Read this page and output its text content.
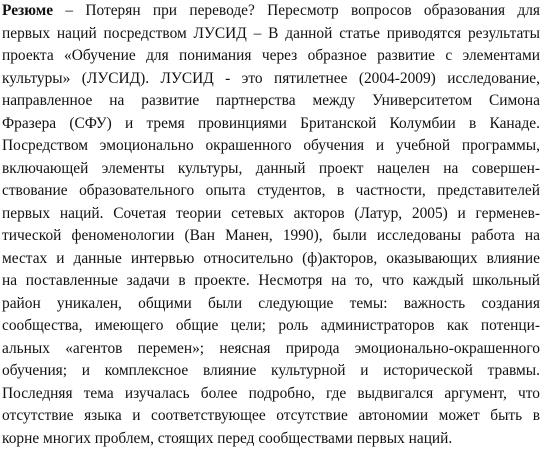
Резюме – Потерян при переводе? Пересмотр вопросов образования для
первых наций посредством ЛУСИД – В данной статье приводятся результаты
проекта «Обучение для понимания через образное развитие с элементами
культуры» (ЛУСИД). ЛУСИД - это пятилетнее (2004-2009) исследование,
направленное на развитие партнерства между Университетом Симона
Фразера (СФУ) и тремя провинциями Британской Колумбии в Канаде.
Посредством эмоционально окрашенного обучения и учебной программы,
включающей элементы культуры, данный проект нацелен на совершен-
ствование образовательного опыта студентов, в частности, представителей
первых наций. Сочетая теории сетевых акторов (Латур, 2005) и герменев-
тической феноменологии (Ван Манен, 1990), были исследованы работа на
местах и данные интервью относительно (ф)акторов, оказывающих влияние
на поставленные задачи в проекте. Несмотря на то, что каждый школьный
район уникален, общими были следующие темы: важность создания
сообщества, имеющего общие цели; роль администраторов как потенци-
альных «агентов перемен»; неясная природа эмоционально-окрашенного
обучения; и комплексное влияние культурной и исторической травмы.
Последняя тема изучалась более подробно, где выдвигался аргумент, что
отсутствие языка и соответствующее отсутствие автономии может быть в
корне многих проблем, стоящих перед сообществами первых наций.
